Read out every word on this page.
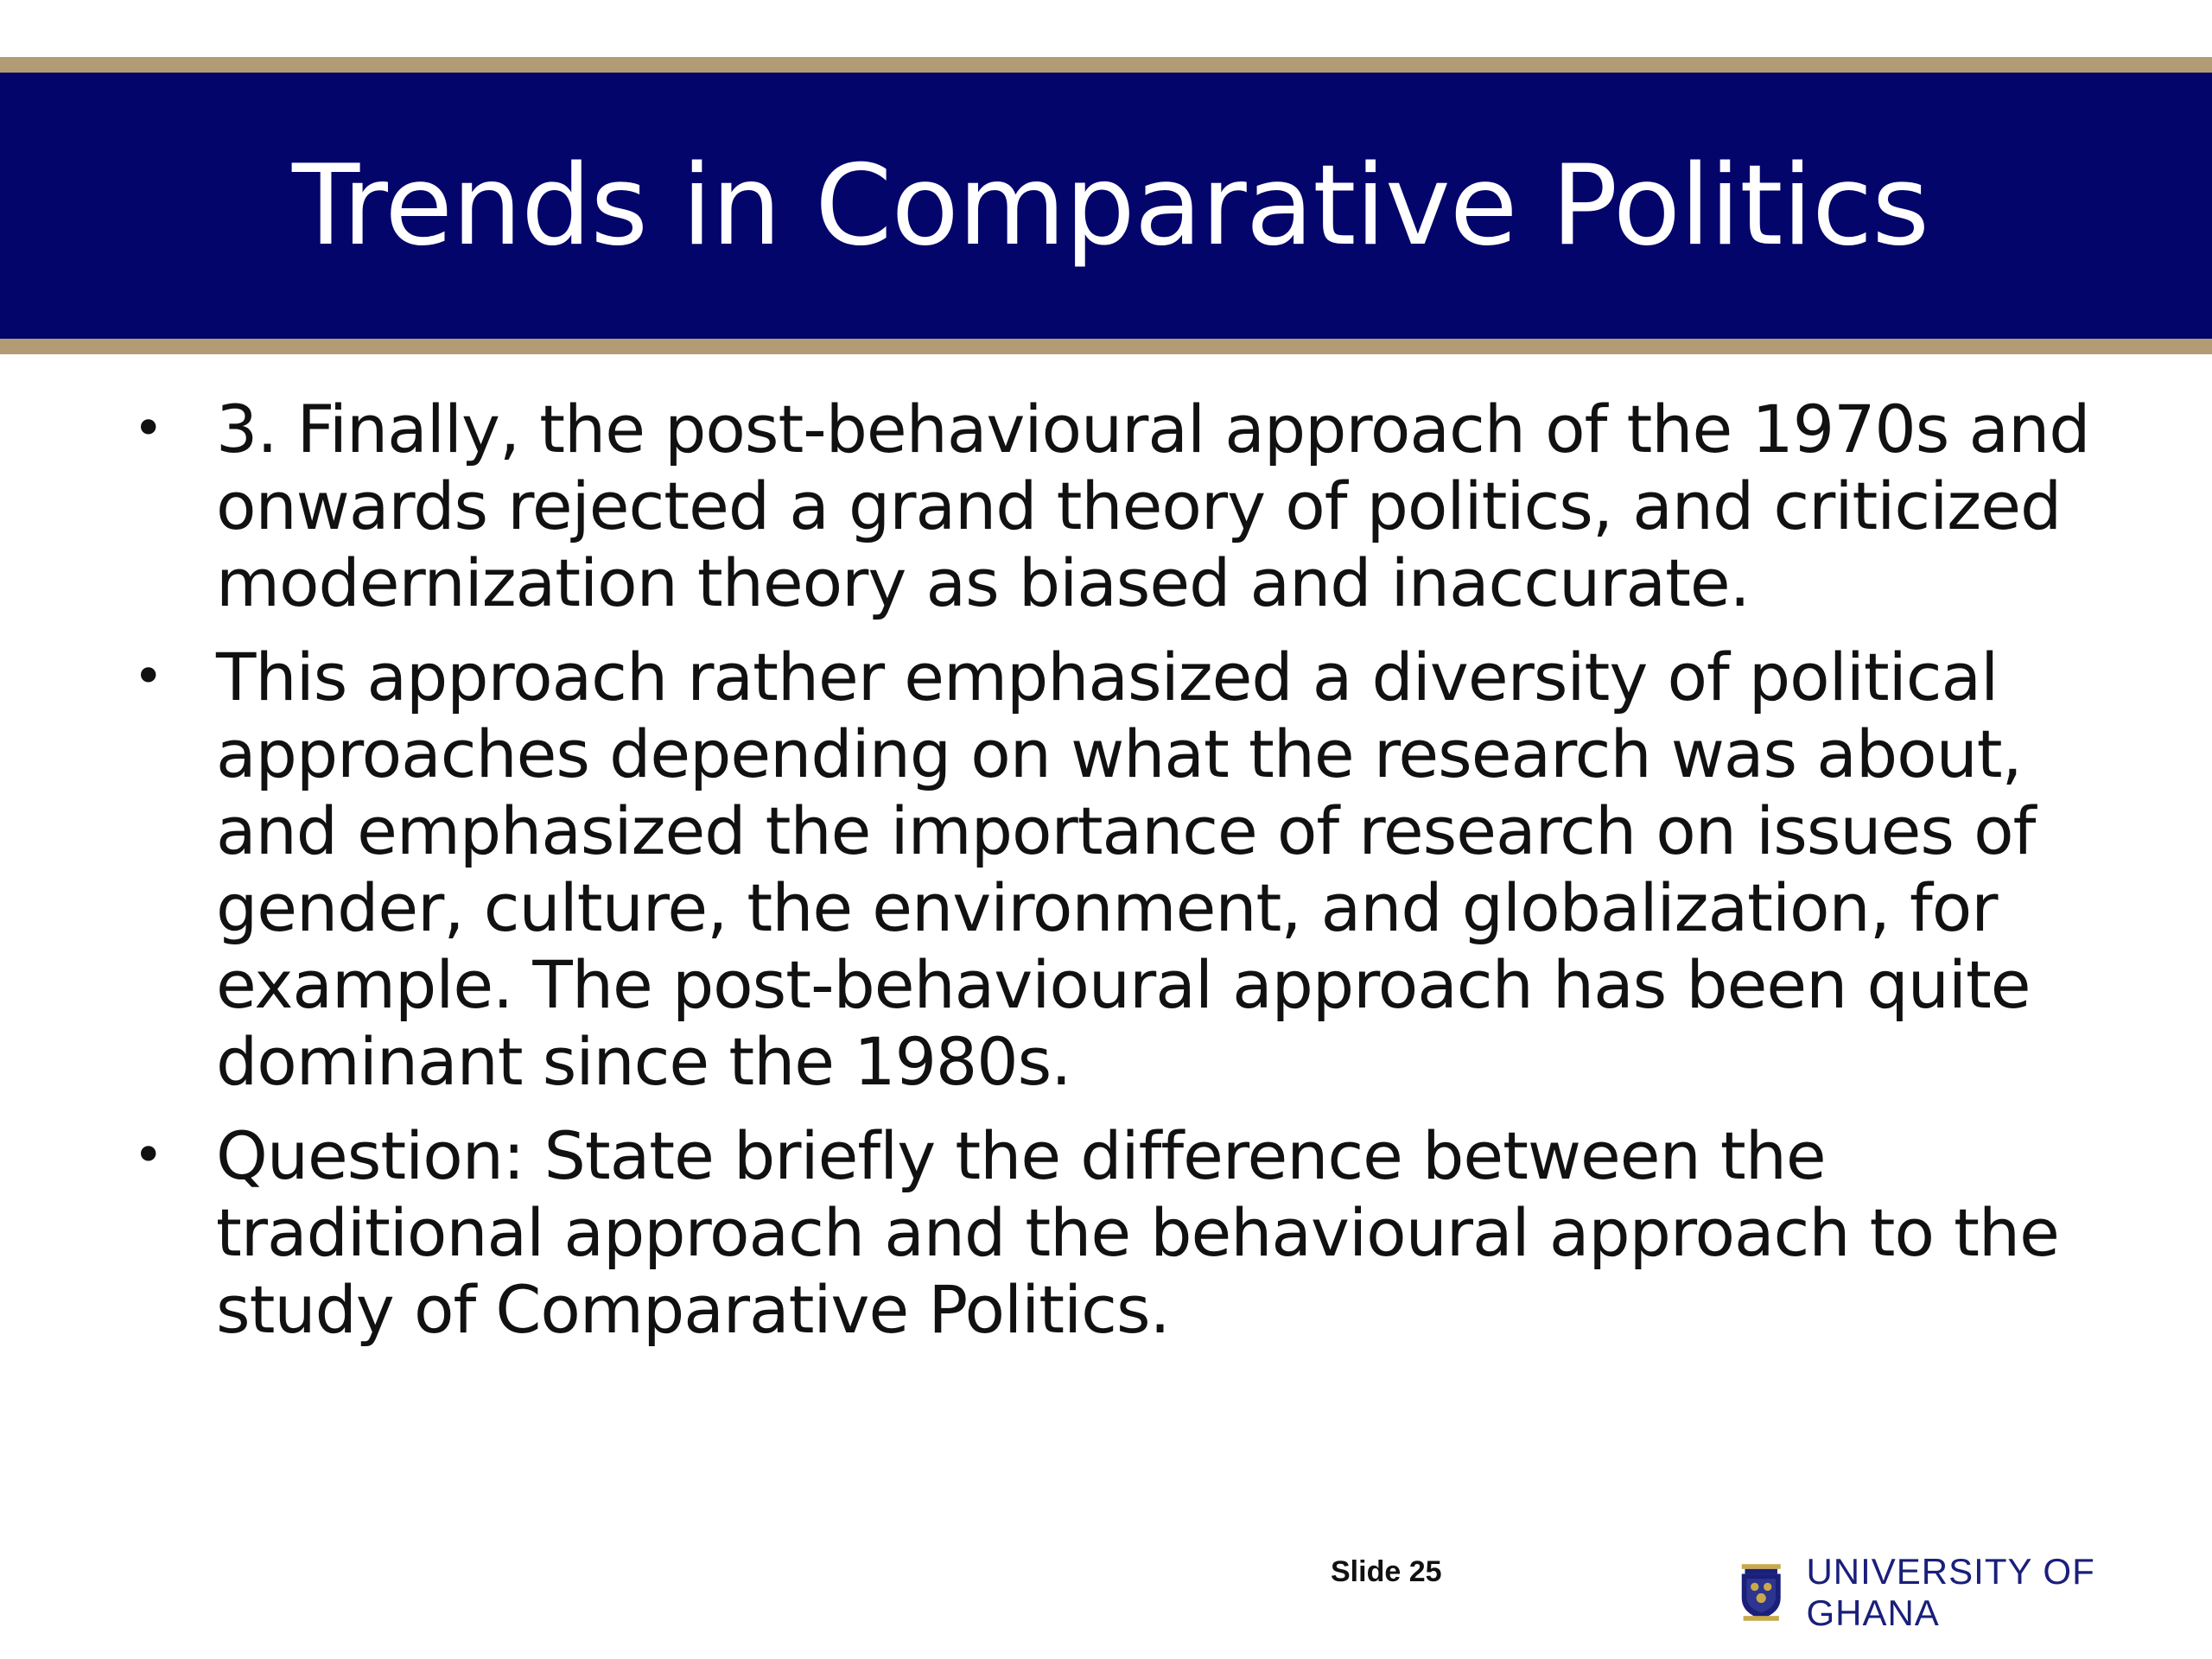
Trends in Comparative Politics
• 3. Finally, the post-behavioural approach of the 1970s and onwards rejected a grand theory of politics, and criticized modernization theory as biased and inaccurate.
• This approach rather emphasized a diversity of political approaches depending on what the research was about, and emphasized the importance of research on issues of gender, culture, the environment, and globalization, for example. The post-behavioural approach has been quite dominant since the 1980s.
• Question: State briefly the difference between the traditional approach and the behavioural approach to the study of Comparative Politics.
Slide 25	UNIVERSITY OF GHANA
